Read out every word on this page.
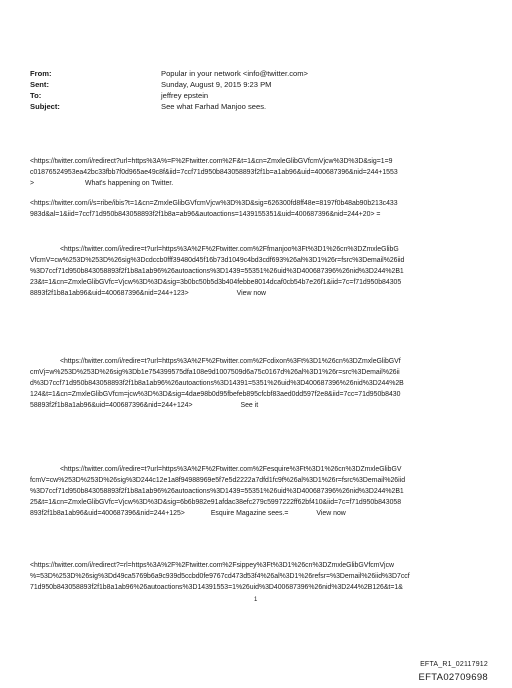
From:	Popular in your network <info@twitter.com>
Sent:	Sunday, August 9, 2015 9:23 PM
To:	jeffrey epstein
Subject:	See what Farhad Manjoo sees.
<https://twitter.com/i/redirect?url=https%3A%=F%2Ftwitter.com%2F&t=1&cn=ZmxleGlibGVfcmVjcw%3D%3D&sig=1=9
c01876524953ea42bc33fbb7f0d965ae49c8f&iid=7ccf71d950b843058893f2f1b=a1ab96&uid=400687396&nid=244+1553
>	What's happening on Twitter.
<https://twitter.com/i/s=ribe/ibis?t=1&cn=ZmxleGlibGVfcmVjcw%3D%3D&sig=626300fd8ff48e=8197f0b48ab90b213c433
983d&al=1&iid=7ccf71d950b843058893f2f1b8a=ab96&autoactions=1439155351&uid=400687396&nid=244+20> =
<https://twitter.com/i/redire=t?url=https%3A%2F%2Ftwitter.com%2Ffmanjoo%3Ft%3D1%26cn%3DZmxleGlibG
VfcmV=cw%253D%253D%26sig%3Dcdccb0fff39480d45f16b73d1049c4bd3cdf693%26al%3D1%26r=fsrc%3Demail%26iid
%3D7ccf71d950b843058893f2f1b8a1ab96%26autoactions%3D1439=55351%26uid%3D400687396%26nid%3D244%2B1
23&t=1&cn=ZmxleGlibGVfc=Vjcw%3D%3D&sig=3b0bc50b5d3b404febbe8014dcaf0cb54b7e26f1&iid=7c=f71d950b84305
8893f2f1b8a1ab96&uid=400687396&nid=244+123>	View now
<https://twitter.com/i/redire=t?url=https%3A%2F%2Ftwitter.com%2Fcdixon%3Ft%3D1%26cn%3DZmxleGlibGVf
cmVj=w%253D%253D%26sig%3Db1e754399575dfa108e9d1007509d6a75c0167d%26al%3D1%26r=src%3Demail%26ii
d%3D7ccf71d950b843058893f2f1b8a1ab96%26autoactions%3D14391=5351%26uid%3D400687396%26nid%3D244%2B
124&t=1&cn=ZmxleGlibGVfcm=jcw%3D%3D&sig=4dae98b0d95fbefeb895cfcbf83aed0dd597f2e8&iid=7cc=71d950b8430
58893f2f1b8a1ab96&uid=400687396&nid=244+124>	See it
<https://twitter.com/i/redire=t?url=https%3A%2F%2Ftwitter.com%2Fesquire%3Ft%3D1%26cn%3DZmxleGlibGV
fcmV=cw%253D%253D%26sig%3D244c12e1a8f94988969e5f7e5d2222a7dfd1fc9f%26al%3D1%26r=fsrc%3Demail%26iid
%3D7ccf71d950b843058893f2f1b8a1ab96%26autoactions%3D1439=55351%26uid%3D400687396%26nid%3D244%2B1
25&t=1&cn=ZmxleGlibGVfc=Vjcw%3D%3D&sig=6b6b982e91afdac38efc279c5997222ff62bf410&iid=7c=f71d950b843058
893f2f1b8a1ab96&uid=400687396&nid=244+125>	Esquire Magazine sees.=	View now
<https://twitter.com/i/redirect?=rl=https%3A%2F%2Ftwitter.com%2Fsippey%3Ft%3D1%26cn%3DZmxleGlibGVfcmVjcw
%=53D%253D%26sig%3Dd49ca5769b6a9c939d5ccbd0fe9767cd473d53f4%26al%3D1%26refsr=%3Demail%26iid%3D7ccf
71d950b843058893f2f1b8a1ab96%26autoactions%3D14391553=1%26uid%3D400687396%26nid%3D244%2B126&t=1&
1
EFTA_R1_02117912
EFTA02709698
